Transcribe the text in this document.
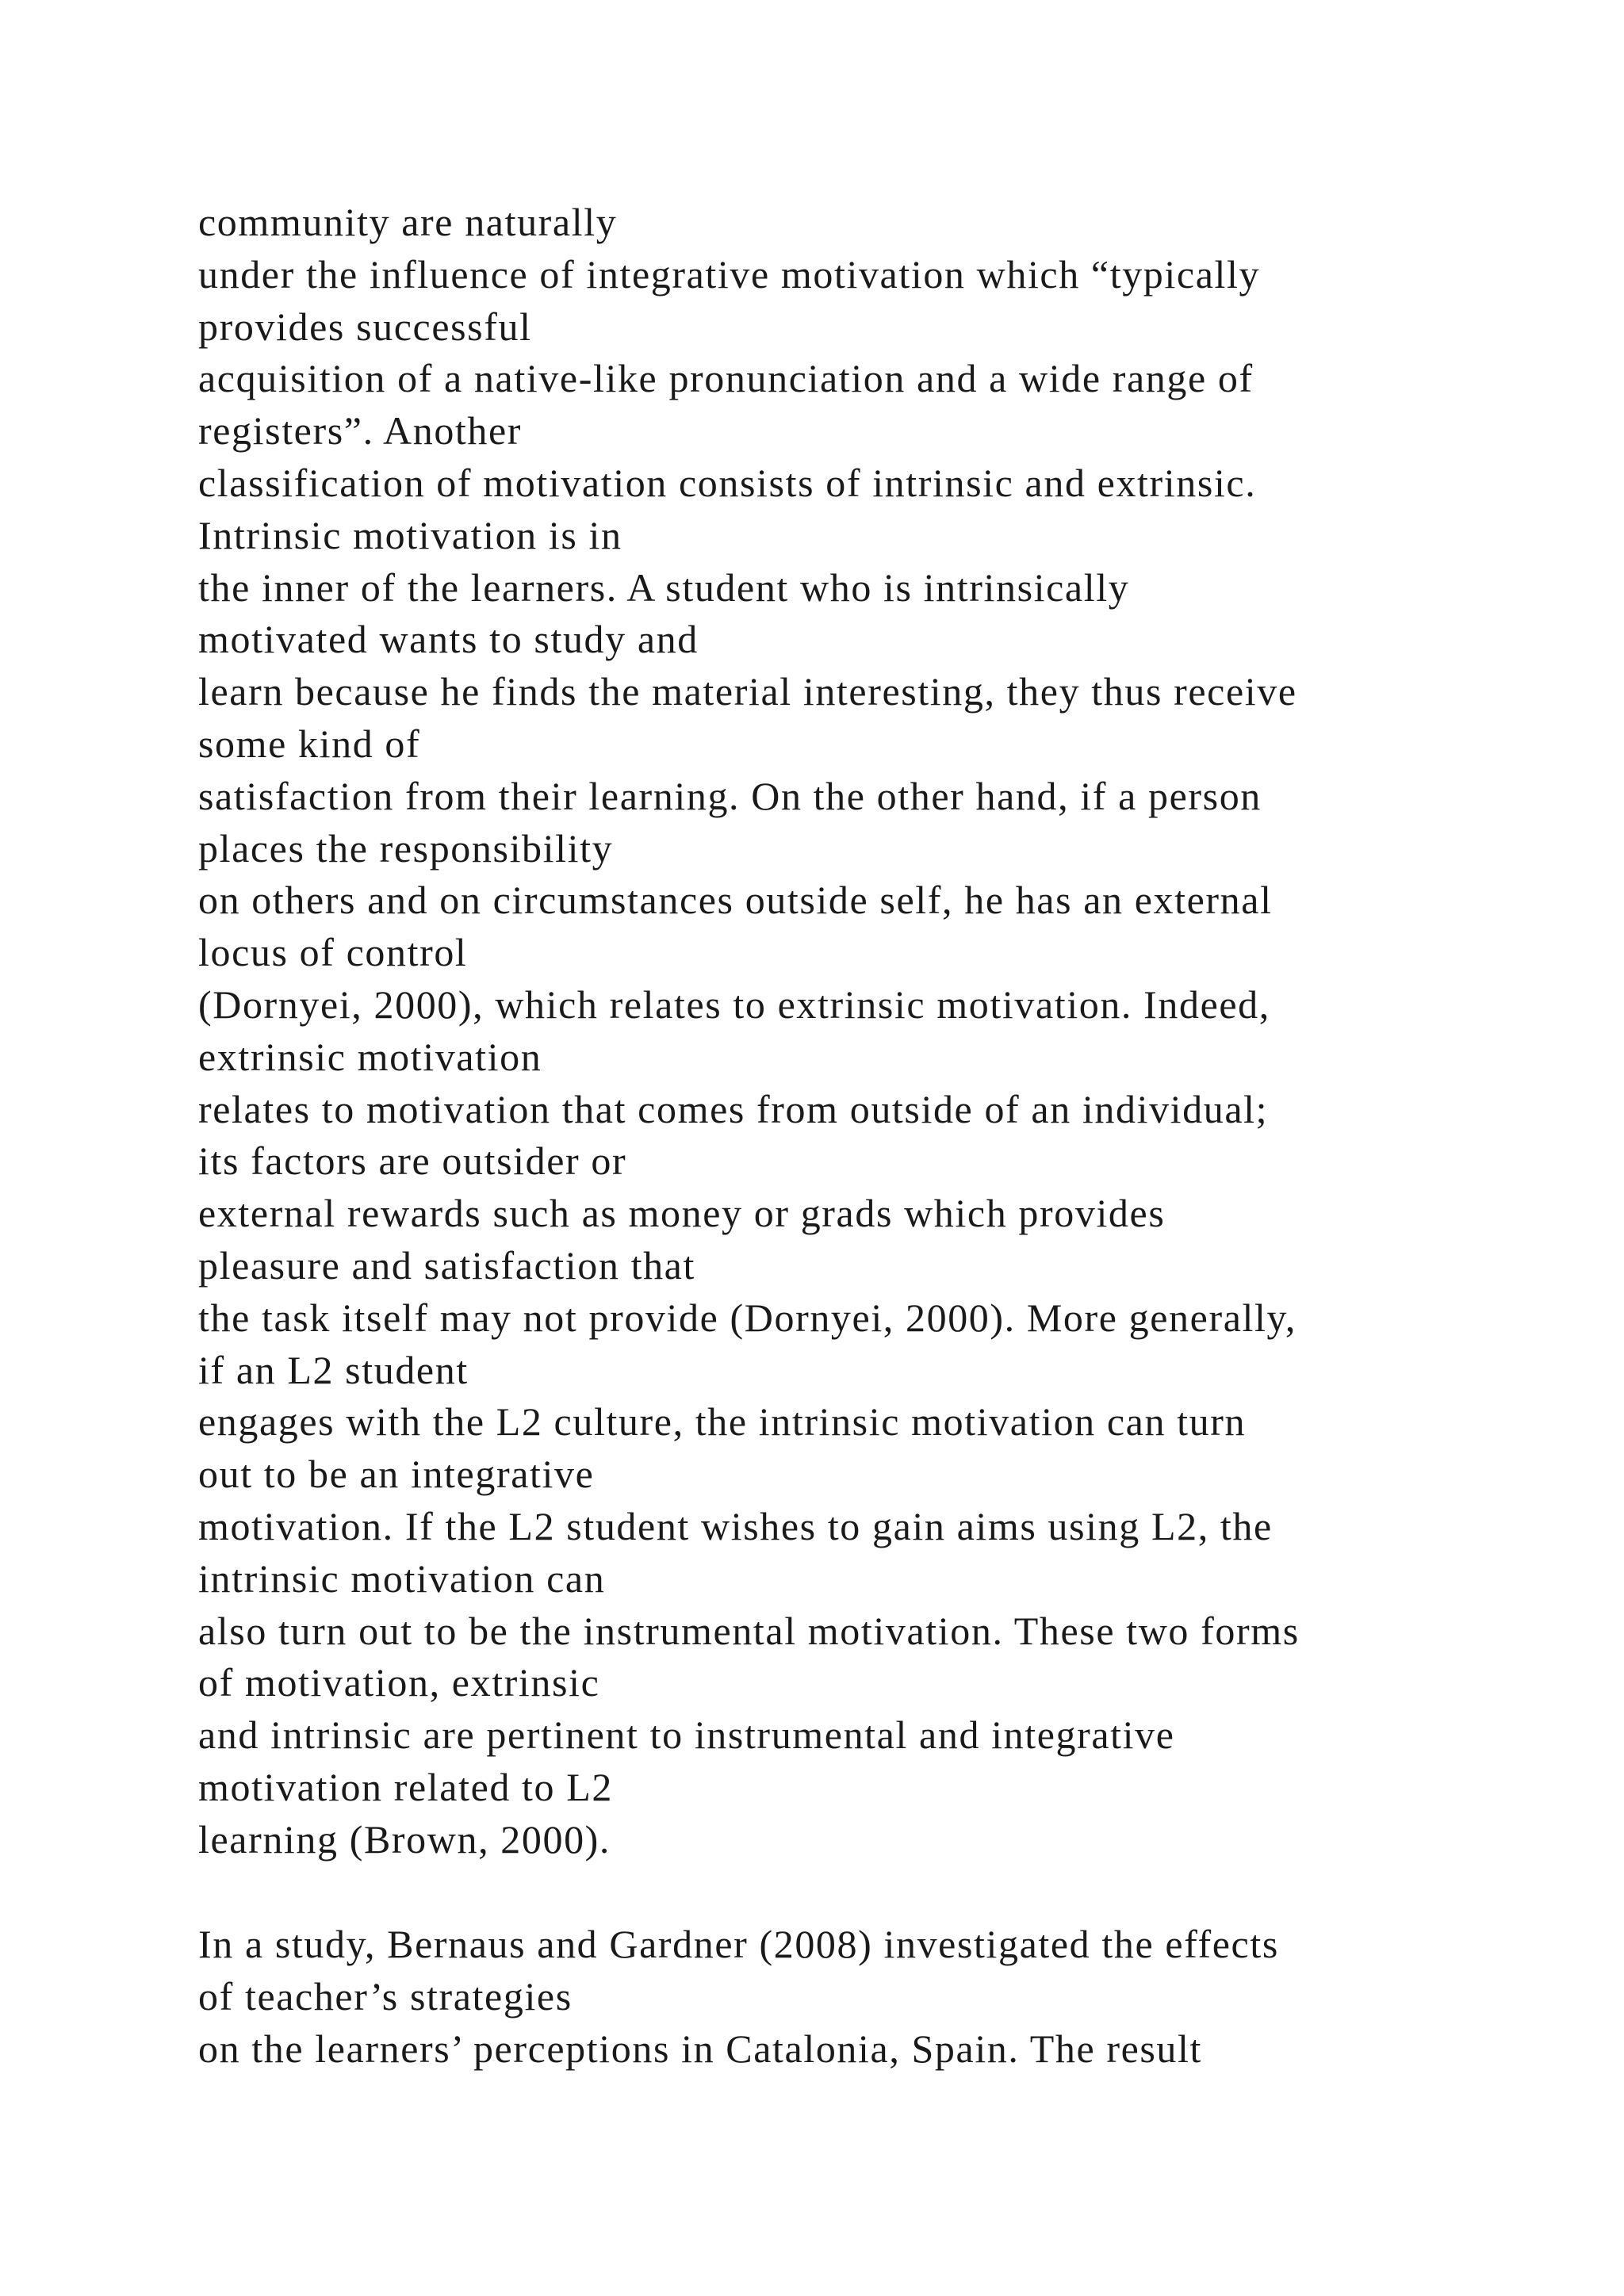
community are naturally
under the influence of integrative motivation which “typically
provides successful
acquisition of a native-like pronunciation and a wide range of
registers”. Another
classification of motivation consists of intrinsic and extrinsic.
Intrinsic motivation is in
the inner of the learners. A student who is intrinsically
motivated wants to study and
learn because he finds the material interesting, they thus receive
some kind of
satisfaction from their learning. On the other hand, if a person
places the responsibility
on others and on circumstances outside self, he has an external
locus of control
(Dornyei, 2000), which relates to extrinsic motivation. Indeed,
extrinsic motivation
relates to motivation that comes from outside of an individual;
its factors are outsider or
external rewards such as money or grads which provides
pleasure and satisfaction that
the task itself may not provide (Dornyei, 2000). More generally,
if an L2 student
engages with the L2 culture, the intrinsic motivation can turn
out to be an integrative
motivation. If the L2 student wishes to gain aims using L2, the
intrinsic motivation can
also turn out to be the instrumental motivation. These two forms
of motivation, extrinsic
and intrinsic are pertinent to instrumental and integrative
motivation related to L2
learning (Brown, 2000).
In a study, Bernaus and Gardner (2008) investigated the effects
of teacher’s strategies
on the learners’ perceptions in Catalonia, Spain. The result
